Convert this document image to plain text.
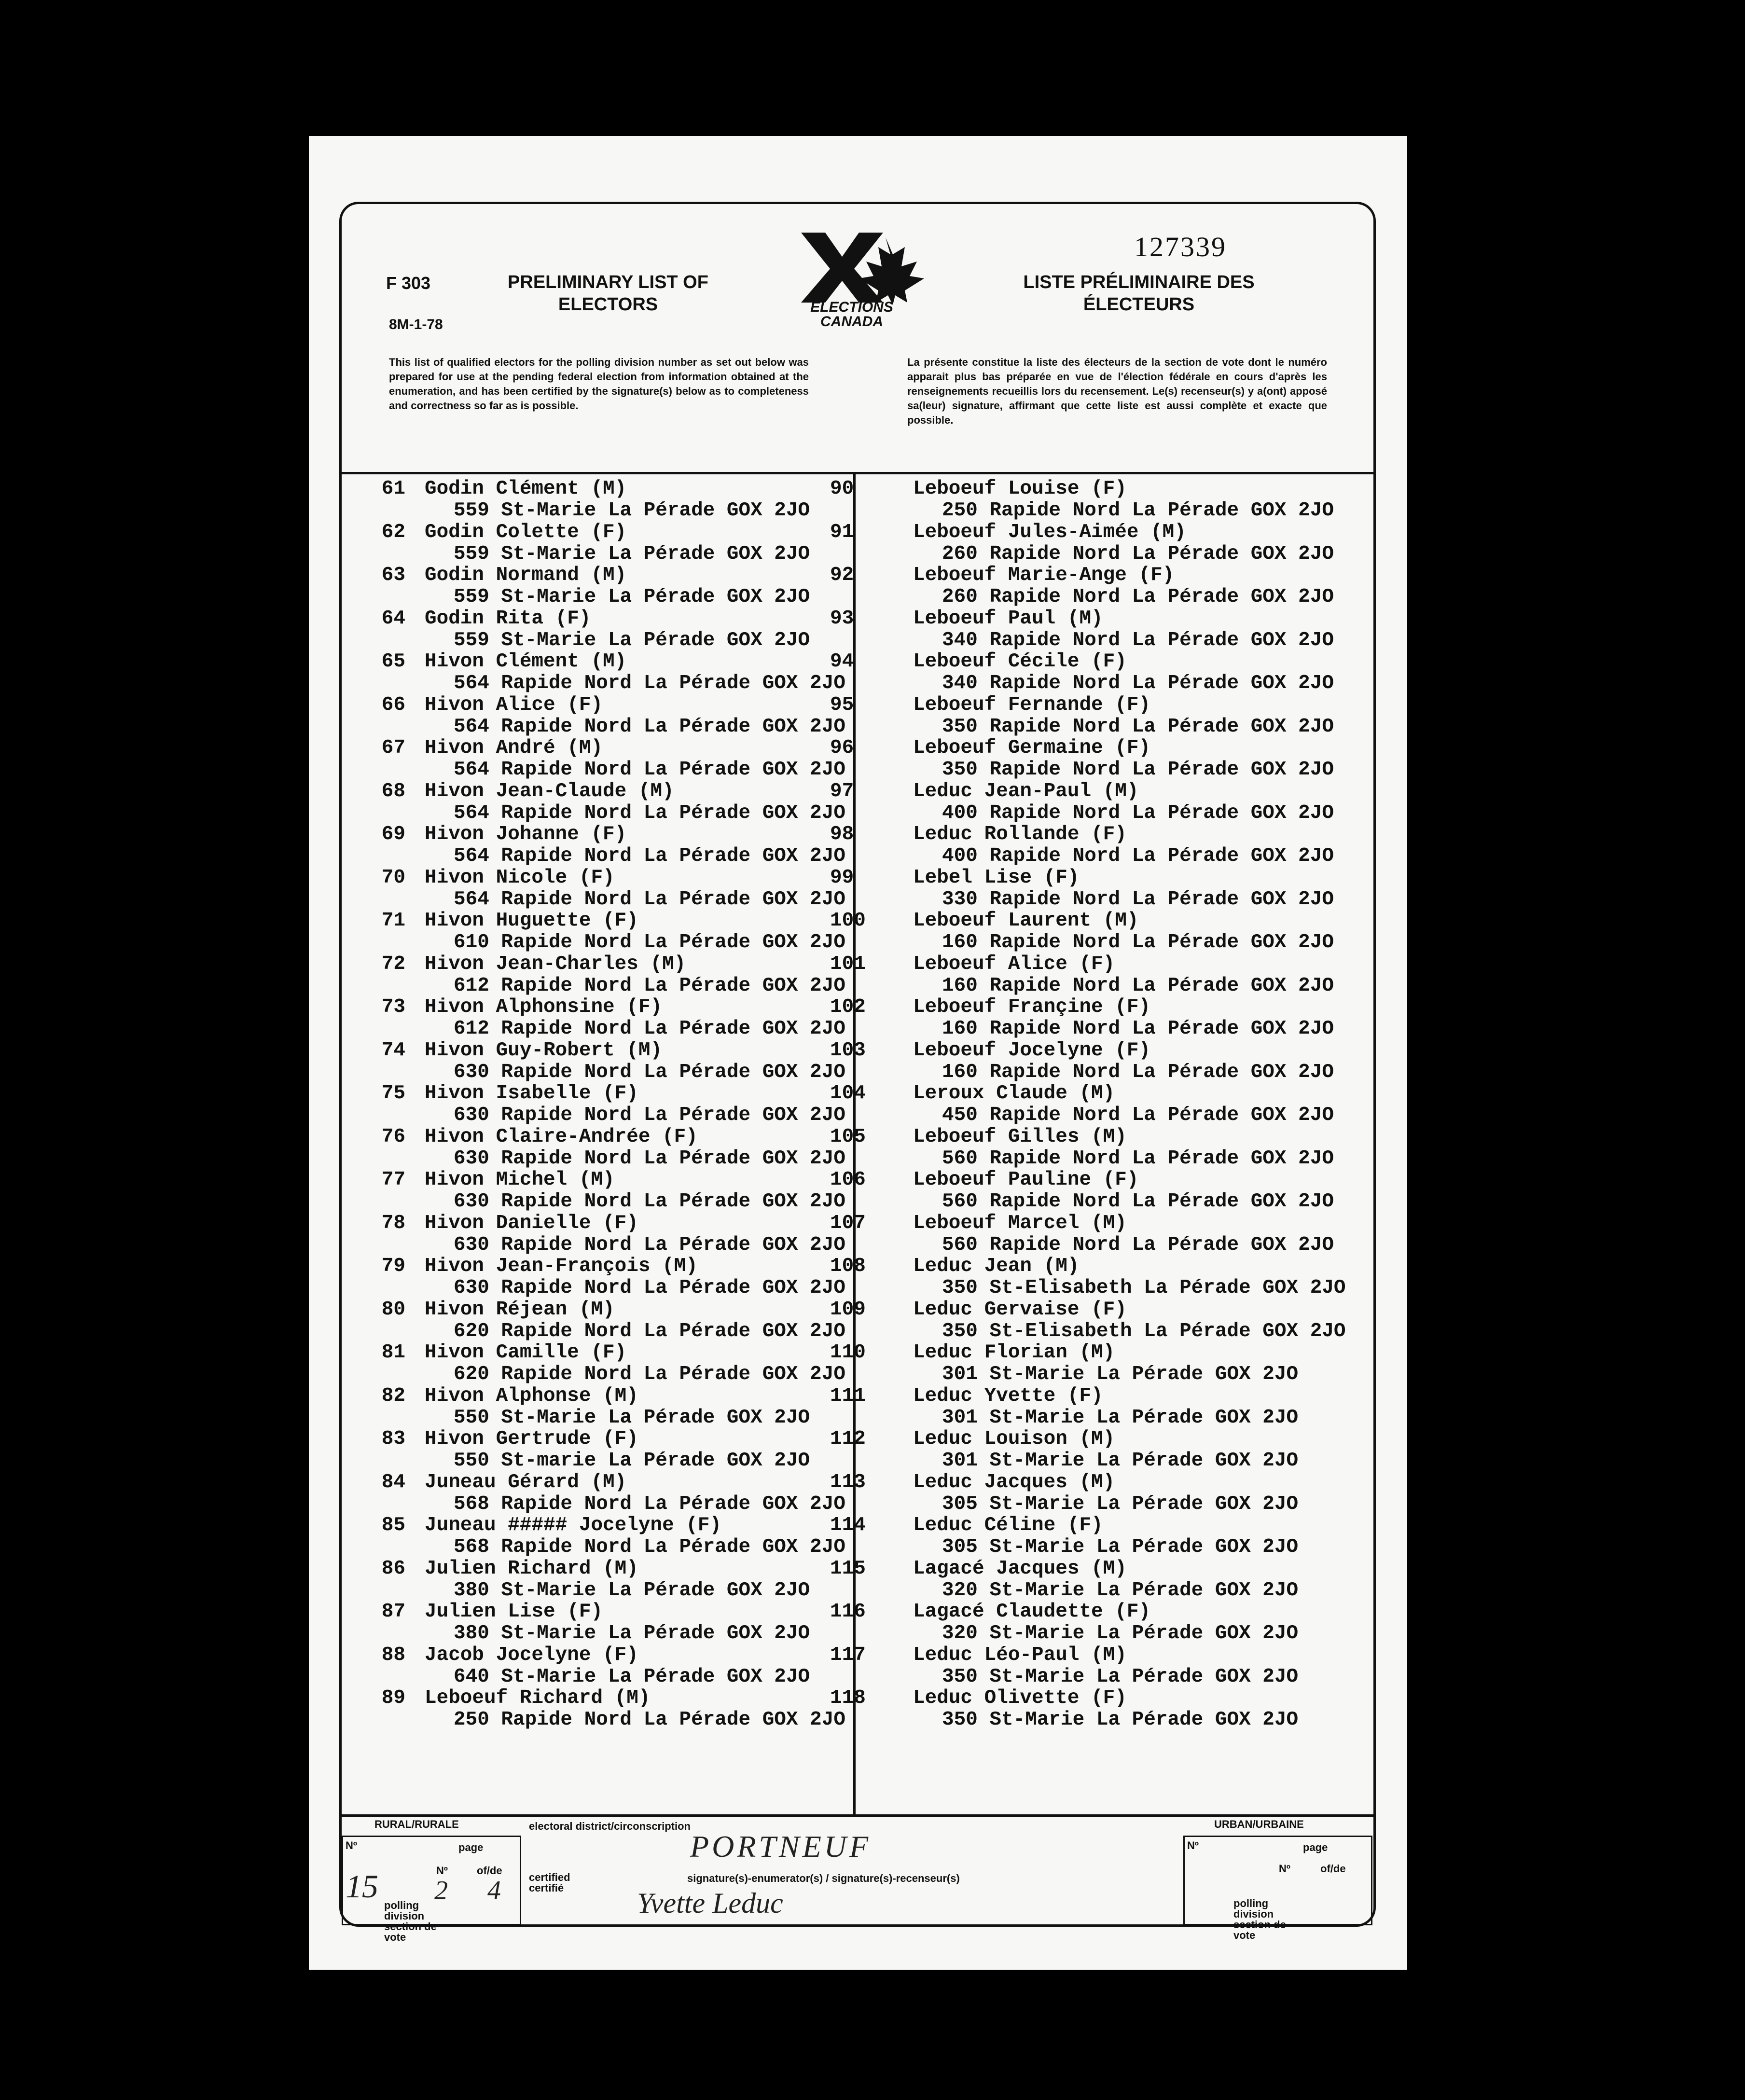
F 303
8M-1-78
PRELIMINARY LIST OF ELECTORS
LISTE PRÉLIMINAIRE DES ÉLECTEURS
127339
ELECTIONS CANADA
This list of qualified electors for the polling division number as set out below was prepared for use at the pending federal election from information obtained at the enumeration, and has been certified by the signature(s) below as to completeness and correctness so far as is possible.
La présente constitue la liste des électeurs de la section de vote dont le numéro apparait plus bas préparée en vue de l'élection fédérale en cours d'après les renseignements recueillis lors du recensement. Le(s) recenseur(s) y a(ont) apposé sa(leur) signature, affirmant que cette liste est aussi complète et exacte que possible.
61 Godin Clément (M)
559 St-Marie La Pérade GOX 2JO
62 Godin Colette (F)
559 St-Marie La Pérade GOX 2JO
63 Godin Normand (M)
559 St-Marie La Pérade GOX 2JO
64 Godin Rita (F)
559 St-Marie La Pérade GOX 2JO
65 Hivon Clément (M)
564 Rapide Nord La Pérade GOX 2JO
66 Hivon Alice (F)
564 Rapide Nord La Pérade GOX 2JO
67 Hivon André (M)
564 Rapide Nord La Pérade GOX 2JO
68 Hivon Jean-Claude (M)
564 Rapide Nord La Pérade GOX 2JO
69 Hivon Johanne (F)
564 Rapide Nord La Pérade GOX 2JO
70 Hivon Nicole (F)
564 Rapide Nord La Pérade GOX 2JO
71 Hivon Huguette (F)
610 Rapide Nord La Pérade GOX 2JO
72 Hivon Jean-Charles (M)
612 Rapide Nord La Pérade GOX 2JO
73 Hivon Alphonsine (F)
612 Rapide Nord La Pérade GOX 2JO
74 Hivon Guy-Robert (M)
630 Rapide Nord La Pérade GOX 2JO
75 Hivon Isabelle (F)
630 Rapide Nord La Pérade GOX 2JO
76 Hivon Claire-Andrée (F)
630 Rapide Nord La Pérade GOX 2JO
77 Hivon Michel (M)
630 Rapide Nord La Pérade GOX 2JO
78 Hivon Danielle (F)
630 Rapide Nord La Pérade GOX 2JO
79 Hivon Jean-François (M)
630 Rapide Nord La Pérade GOX 2JO
80 Hivon Réjean (M)
620 Rapide Nord La Pérade GOX 2JO
81 Hivon Camille (F)
620 Rapide Nord La Pérade GOX 2JO
82 Hivon Alphonse (M)
550 St-Marie La Pérade GOX 2JO
83 Hivon Gertrude (F)
550 St-marie La Pérade GOX 2JO
84 Juneau Gérard (M)
568 Rapide Nord La Pérade GOX 2JO
85 Juneau ##### Jocelyne (F)
568 Rapide Nord La Pérade GOX 2JO
86 Julien Richard (M)
380 St-Marie La Pérade GOX 2JO
87 Julien Lise (F)
380 St-Marie La Pérade GOX 2JO
88 Jacob Jocelyne (F)
640 St-Marie La Pérade GOX 2JO
89 Leboeuf Richard (M)
250 Rapide Nord La Pérade GOX 2JO
90	Leboeuf Louise (F)
250 Rapide Nord La Pérade GOX 2JO
91	Leboeuf Jules-Aimée (M)
260 Rapide Nord La Pérade GOX 2JO
92	Leboeuf Marie-Ange (F)
260 Rapide Nord La Pérade GOX 2JO
93	Leboeuf Paul (M)
340 Rapide Nord La Pérade GOX 2JO
94	Leboeuf Cécile (F)
340 Rapide Nord La Pérade GOX 2JO
95	Leboeuf Fernande (F)
350 Rapide Nord La Pérade GOX 2JO
96	Leboeuf Germaine (F)
350 Rapide Nord La Pérade GOX 2JO
97	Leduc Jean-Paul (M)
400 Rapide Nord La Pérade GOX 2JO
98	Leduc Rollande (F)
400 Rapide Nord La Pérade GOX 2JO
99	Lebel Lise (F)
330 Rapide Nord La Pérade GOX 2JO
100	Leboeuf Laurent (M)
160 Rapide Nord La Pérade GOX 2JO
101	Leboeuf Alice (F)
160 Rapide Nord La Pérade GOX 2JO
102	Leboeuf Françine (F)
160 Rapide Nord La Pérade GOX 2JO
103	Leboeuf Jocelyne (F)
160 Rapide Nord La Pérade GOX 2JO
104	Leroux Claude (M)
450 Rapide Nord La Pérade GOX 2JO
105	Leboeuf Gilles (M)
560 Rapide Nord La Pérade GOX 2JO
106	Leboeuf Pauline (F)
560 Rapide Nord La Pérade GOX 2JO
107	Leboeuf Marcel (M)
560 Rapide Nord La Pérade GOX 2JO
108	Leduc Jean (M)
350 St-Elisabeth La Pérade GOX 2JO
109	Leduc Gervaise (F)
350 St-Elisabeth La Pérade GOX 2JO
110	Leduc Florian (M)
301 St-Marie La Pérade GOX 2JO
111	Leduc Yvette (F)
301 St-Marie La Pérade GOX 2JO
112	Leduc Louison (M)
301 St-Marie La Pérade GOX 2JO
113	Leduc Jacques (M)
305 St-Marie La Pérade GOX 2JO
114	Leduc Céline (F)
305 St-Marie La Pérade GOX 2JO
115	Lagacé Jacques (M)
320 St-Marie La Pérade GOX 2JO
116	Lagacé Claudette (F)
320 St-Marie La Pérade GOX 2JO
117	Leduc Léo-Paul (M)
350 St-Marie La Pérade GOX 2JO
118	Leduc Olivette (F)
350 St-Marie La Pérade GOX 2JO
RURAL/RURALE	electoral district/circonscription	URBAN/URBAINE
Nº	page
Nº	of/de
polling division section de vote
certified certifié
signature(s)-enumerator(s) / signature(s)-recenseur(s)
Nº	page
Nº	of/de
polling division section de vote
PORTNEUF
15 2 4	Yvette Leduc
